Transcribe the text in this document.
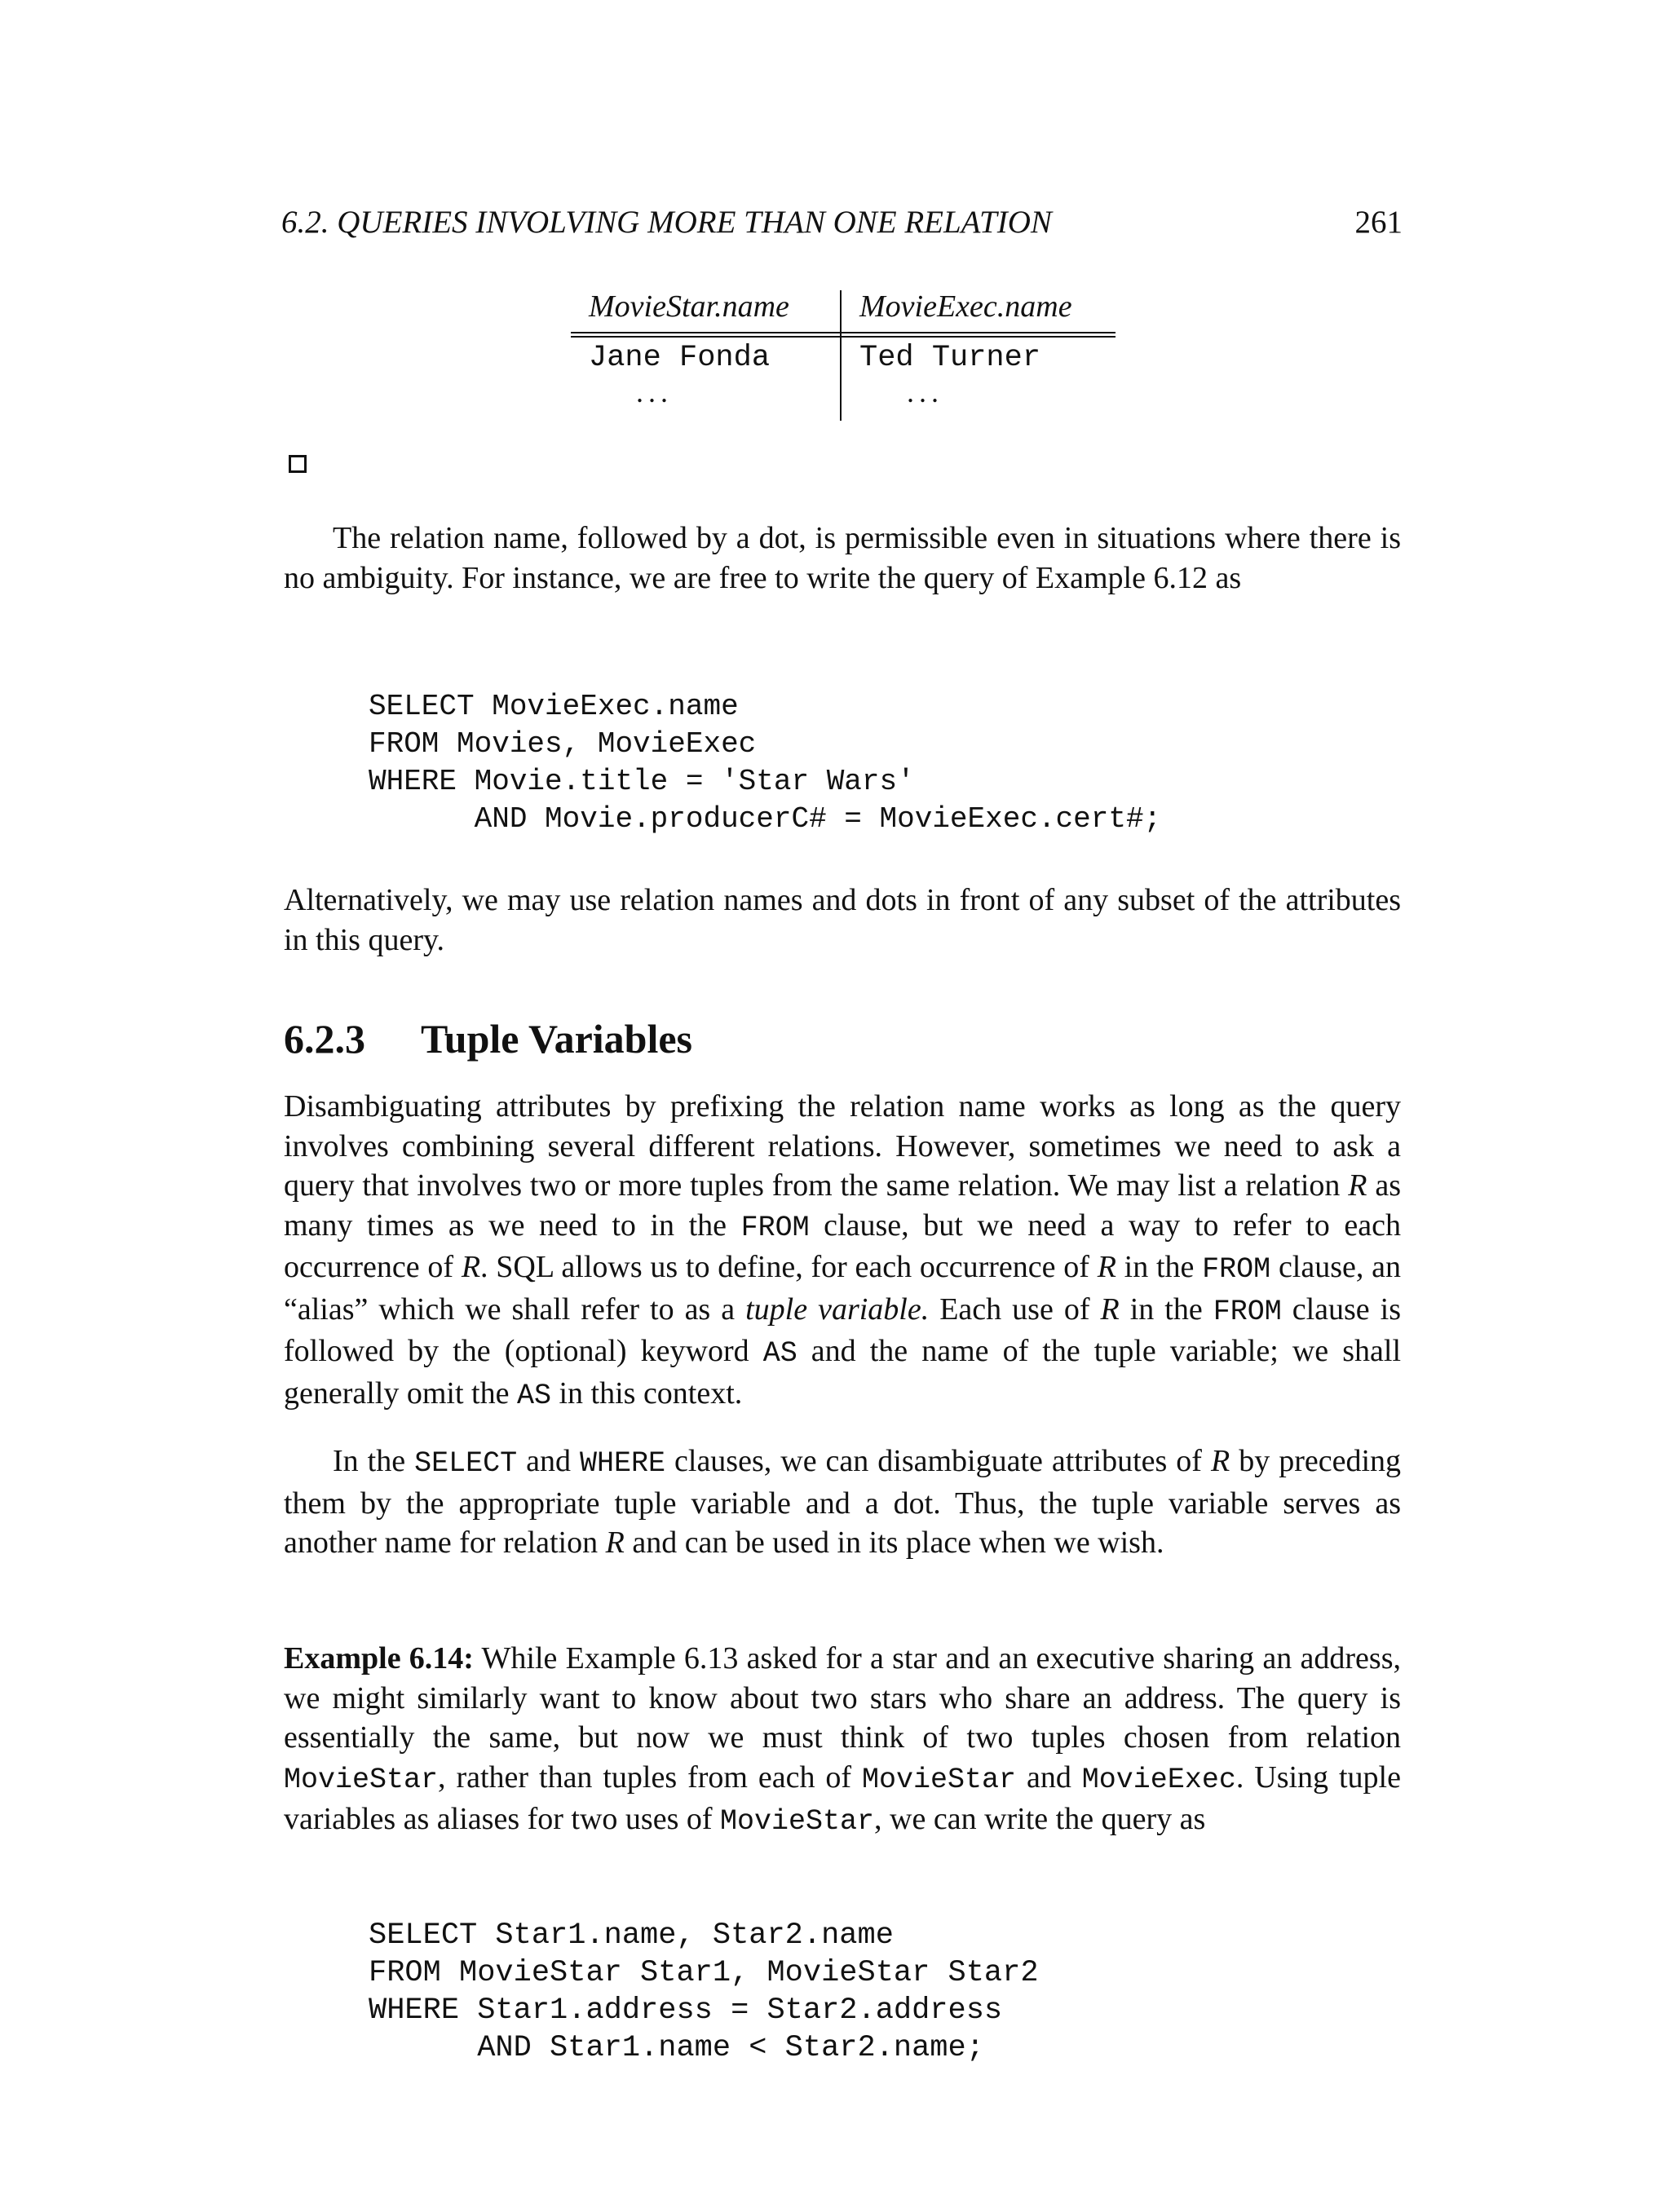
6.2. QUERIES INVOLVING MORE THAN ONE RELATION	261
MovieStar.name	MovieExec.name
Jane Fonda	Ted Turner
...	...

The relation name, followed by a dot, is permissible even in situations where there is no ambiguity. For instance, we are free to write the query of Example 6.12 as

SELECT MovieExec.name
FROM Movies, MovieExec
WHERE Movie.title = 'Star Wars'
AND Movie.producerC# = MovieExec.cert#;

Alternatively, we may use relation names and dots in front of any subset of the attributes in this query.

6.2.3 Tuple Variables

Disambiguating attributes by prefixing the relation name works as long as the query involves combining several different relations. However, sometimes we need to ask a query that involves two or more tuples from the same relation. We may list a relation R as many times as we need to in the FROM clause, but we need a way to refer to each occurrence of R. SQL allows us to define, for each occurrence of R in the FROM clause, an “alias” which we shall refer to as a tuple variable. Each use of R in the FROM clause is followed by the (optional) keyword AS and the name of the tuple variable; we shall generally omit the AS in this context.

In the SELECT and WHERE clauses, we can disambiguate attributes of R by preceding them by the appropriate tuple variable and a dot. Thus, the tuple variable serves as another name for relation R and can be used in its place when we wish.

Example 6.14: While Example 6.13 asked for a star and an executive sharing an address, we might similarly want to know about two stars who share an address. The query is essentially the same, but now we must think of two tuples chosen from relation MovieStar, rather than tuples from each of MovieStar and MovieExec. Using tuple variables as aliases for two uses of MovieStar, we can write the query as

SELECT Star1.name, Star2.name
FROM MovieStar Star1, MovieStar Star2
WHERE Star1.address = Star2.address
AND Star1.name < Star2.name;
